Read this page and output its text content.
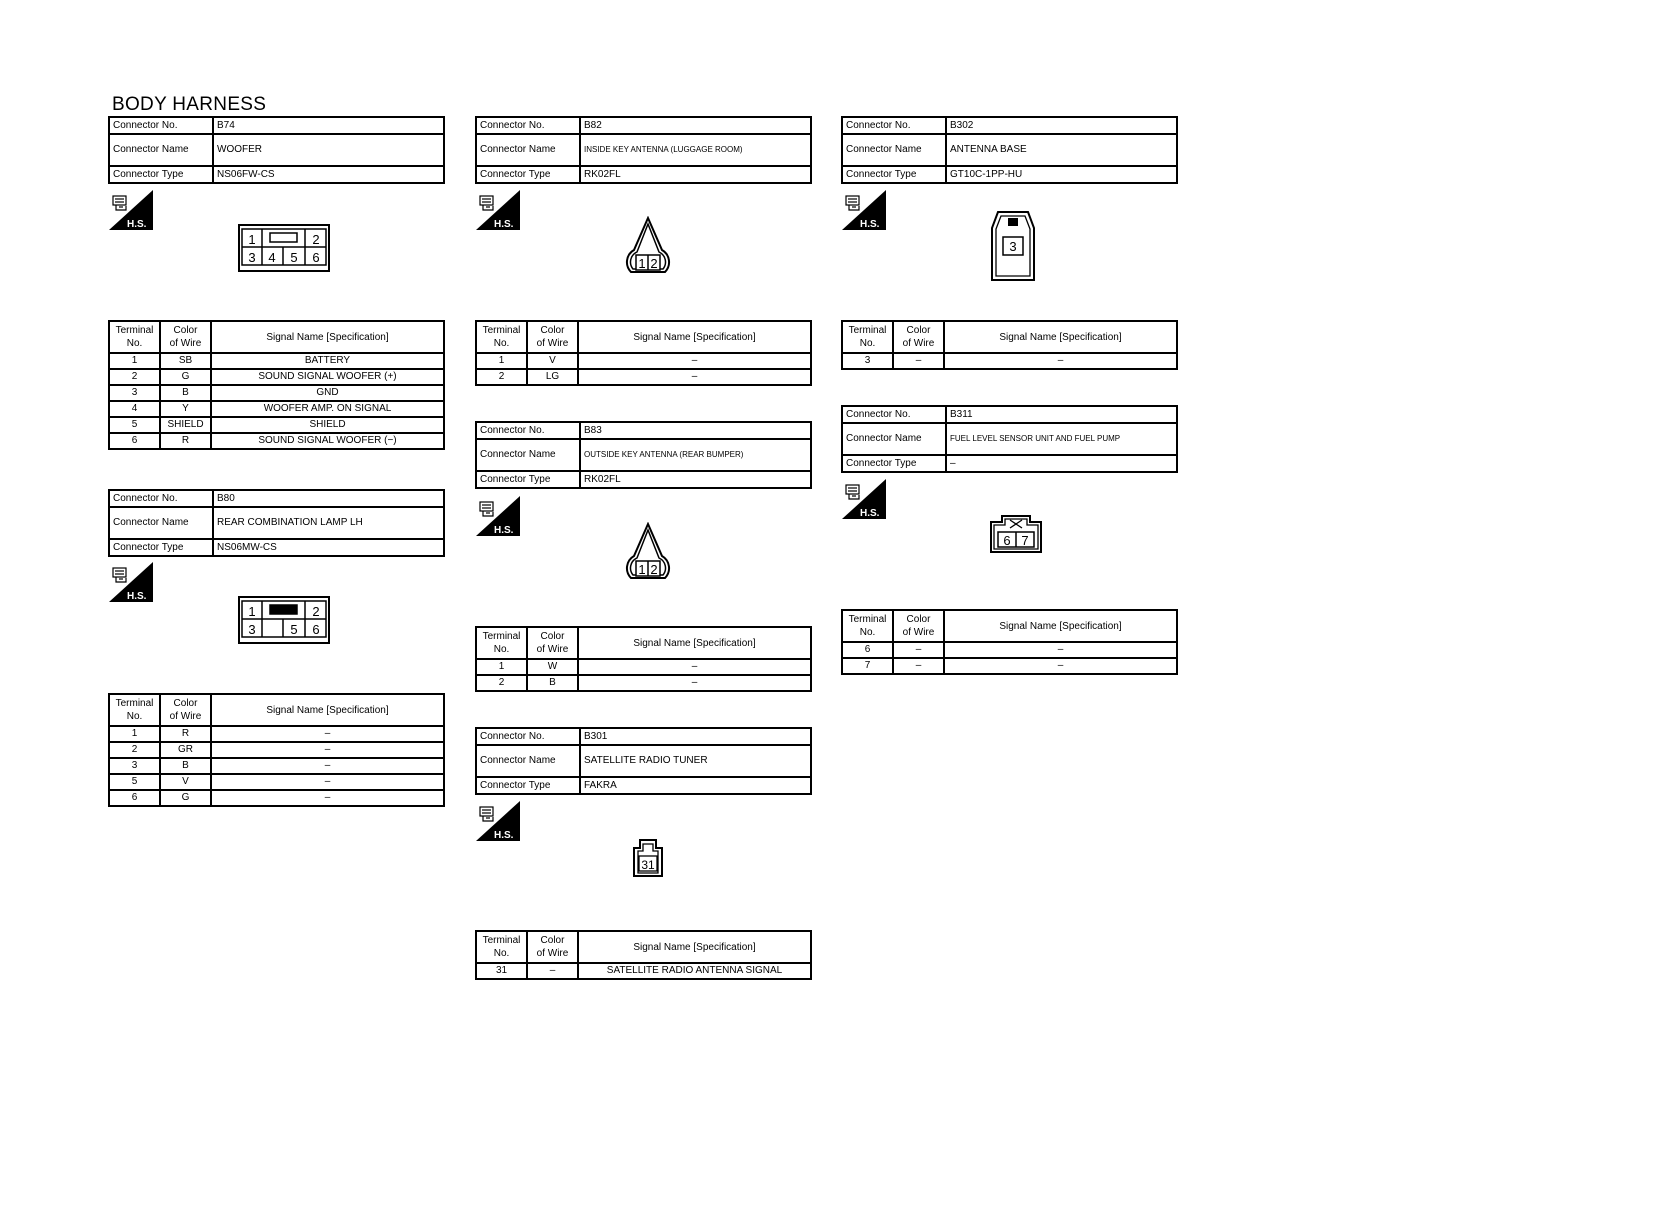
BODY HARNESS
Connector No.	B74
Connector Name	WOOFER
Connector Type	NS06FW-CS
H.S.
1	2
3 4 5 6
Terminal
No.	Color
of Wire	Signal Name [Specification]
1	SB	BATTERY
2	G	SOUND SIGNAL WOOFER (+)
3	B	GND
4	Y	WOOFER AMP. ON SIGNAL
5	SHIELD	SHIELD
6	R	SOUND SIGNAL WOOFER (−)
Connector No.	B80
Connector Name	REAR COMBINATION LAMP LH
Connector Type	NS06MW-CS
H.S.
1	2
3	5 6
Terminal
No.	Color
of Wire	Signal Name [Specification]
1	R	–
2	GR	–
3	B	–
5	V	–
6	G	–
Connector No.	B82
Connector Name	INSIDE KEY ANTENNA (LUGGAGE ROOM)
Connector Type	RK02FL
H.S.
1 2
Terminal
No.	Color
of Wire	Signal Name [Specification]
1	V	–
2	LG	–
Connector No.	B83
Connector Name	OUTSIDE KEY ANTENNA (REAR BUMPER)
Connector Type	RK02FL
H.S.
1 2
Terminal
No.	Color
of Wire	Signal Name [Specification]
1	W	–
2	B	–
Connector No.	B301
Connector Name	SATELLITE RADIO TUNER
Connector Type	FAKRA
H.S.
31
Terminal
No.	Color
of Wire	Signal Name [Specification]
31	–	SATELLITE RADIO ANTENNA SIGNAL
Connector No.	B302
Connector Name	ANTENNA BASE
Connector Type	GT10C-1PP-HU
H.S.
3
Terminal
No.	Color
of Wire	Signal Name [Specification]
3	–	–
Connector No.	B311
Connector Name	FUEL LEVEL SENSOR UNIT AND FUEL PUMP
Connector Type	–
H.S.
6 7
Terminal
No.	Color
of Wire	Signal Name [Specification]
6	–	–
7	–	–
